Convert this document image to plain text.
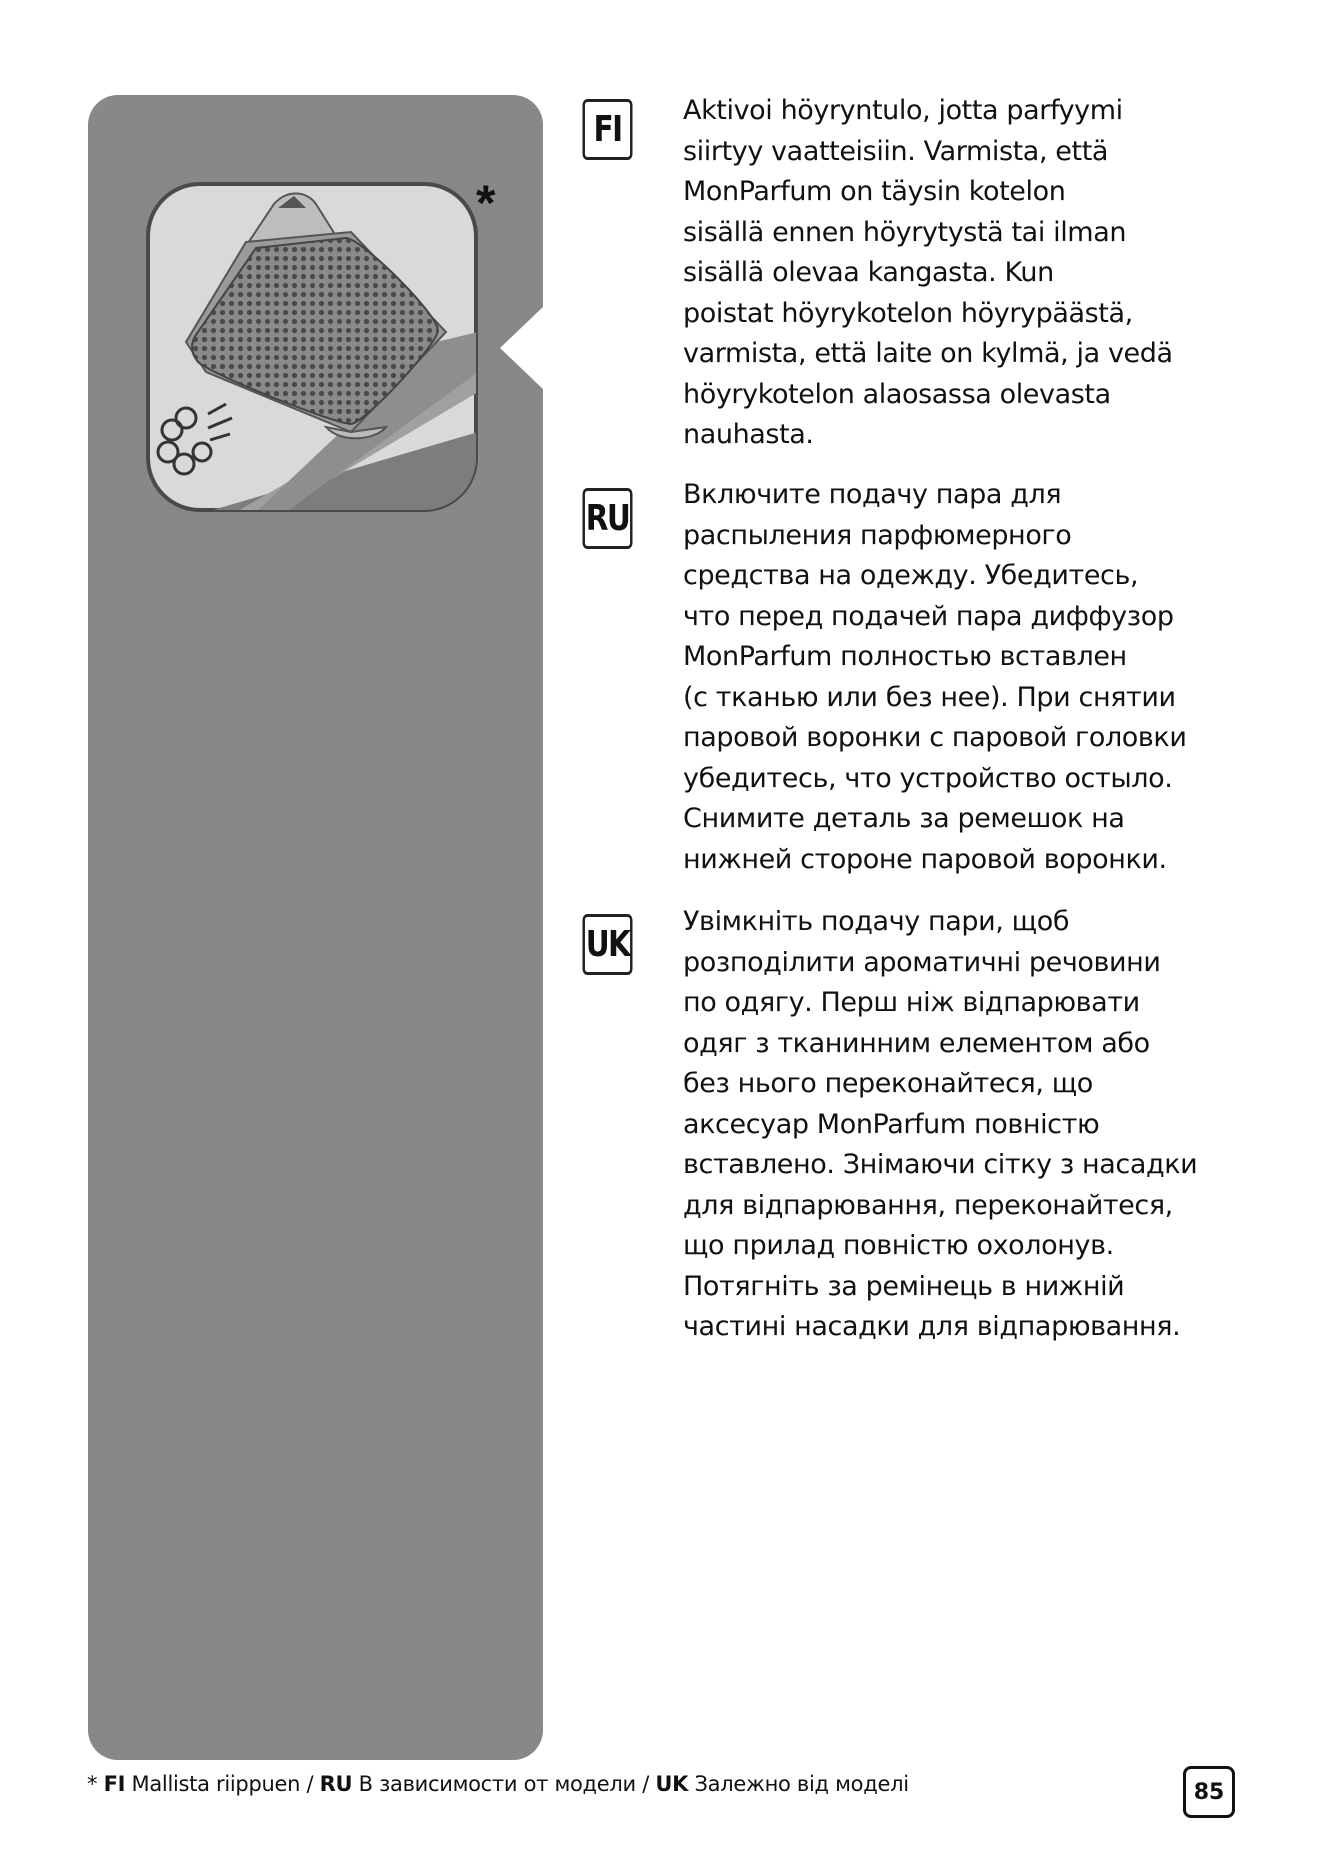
*
FI	Aktivoi höyryntulo, jotta parfyymi
siirtyy vaatteisiin. Varmista, että
MonParfum on täysin kotelon
sisällä ennen höyrytystä tai ilman
sisällä olevaa kangasta. Kun
poistat höyrykotelon höyrypäästä,
varmista, että laite on kylmä, ja vedä
höyrykotelon alaosassa olevasta
nauhasta.

RU

Включите подачу пара для
распыления парфюмерного
средства на одежду. Убедитесь,
что перед подачей пара диффузор
MonParfum полностью вставлен
(с тканью или без нее). При снятии
паровой воронки с паровой головки
убедитесь, что устройство остыло.
Снимите деталь за ремешок на
нижней стороне паровой воронки.

UK

Увімкніть подачу пари, щоб
розподілити ароматичні речовини
по одягу. Перш ніж відпарювати
одяг з тканинним елементом або
без нього переконайтеся, що
аксесуар MonParfum повністю
вставлено. Знімаючи сітку з насадки
для відпарювання, переконайтеся,
що прилад повністю охолонув.
Потягніть за ремінець в нижній
частині насадки для відпарювання.

* FI Mallista riippuen / RU В зависимости от модели / UK Залежно від моделі	85
